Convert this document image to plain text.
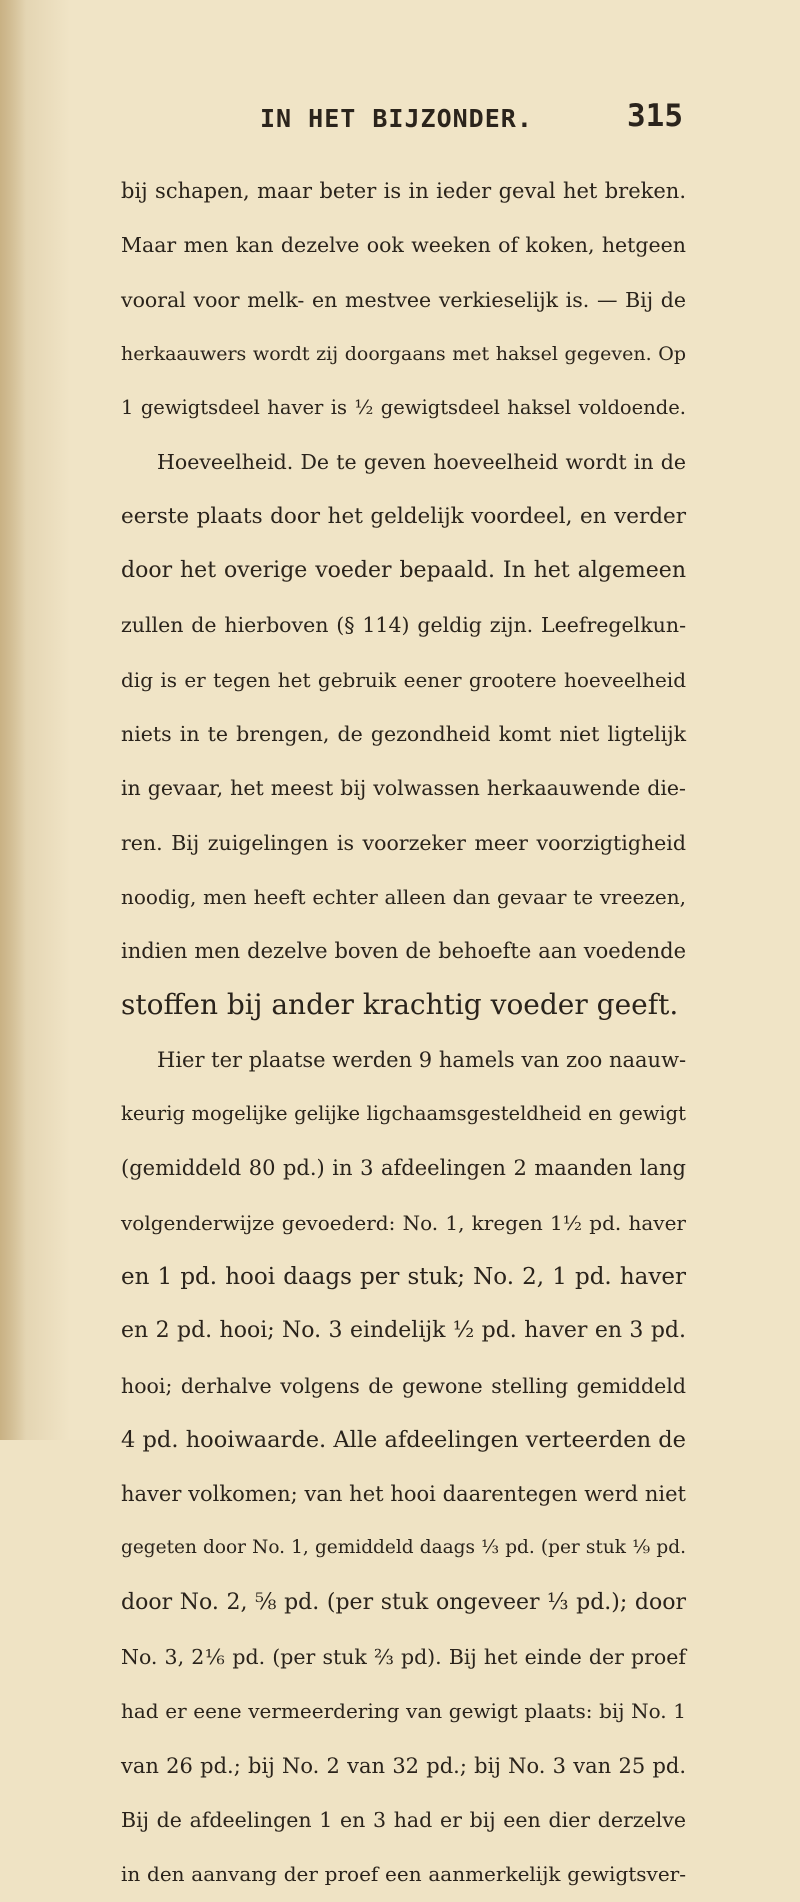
IN HET BIJZONDER.	315
bij schapen, maar beter is in ieder geval het breken.
Maar men kan dezelve ook weeken of koken, hetgeen
vooral voor melk- en mestvee verkieselijk is. — Bij de
herkaauwers wordt zij doorgaans met haksel gegeven. Op
1 gewigtsdeel haver is ½ gewigtsdeel haksel voldoende.
Hoeveelheid. De te geven hoeveelheid wordt in de
eerste plaats door het geldelijk voordeel, en verder
door het overige voeder bepaald. In het algemeen
zullen de hierboven (§ 114) geldig zijn. Leefregelkun-
dig is er tegen het gebruik eener grootere hoeveelheid
niets in te brengen, de gezondheid komt niet ligtelijk
in gevaar, het meest bij volwassen herkaauwende die-
ren. Bij zuigelingen is voorzeker meer voorzigtigheid
noodig, men heeft echter alleen dan gevaar te vreezen,
indien men dezelve boven de behoefte aan voedende
stoffen bij ander krachtig voeder geeft.
Hier ter plaatse werden 9 hamels van zoo naauw-
keurig mogelijke gelijke ligchaamsgesteldheid en gewigt
(gemiddeld 80 pd.) in 3 afdeelingen 2 maanden lang
volgenderwijze gevoederd: No. 1, kregen 1½ pd. haver
en 1 pd. hooi daags per stuk; No. 2, 1 pd. haver
en 2 pd. hooi; No. 3 eindelijk ½ pd. haver en 3 pd.
hooi; derhalve volgens de gewone stelling gemiddeld
4 pd. hooiwaarde. Alle afdeelingen verteerden de
haver volkomen; van het hooi daarentegen werd niet
gegeten door No. 1, gemiddeld daags ⅓ pd. (per stuk ⅑ pd.
door No. 2, ⅝ pd. (per stuk ongeveer ⅓ pd.); door
No. 3, 2⅙ pd. (per stuk ⅔ pd). Bij het einde der proef
had er eene vermeerdering van gewigt plaats: bij No. 1
van 26 pd.; bij No. 2 van 32 pd.; bij No. 3 van 25 pd.
Bij de afdeelingen 1 en 3 had er bij een dier derzelve
in den aanvang der proef een aanmerkelijk gewigtsver-
